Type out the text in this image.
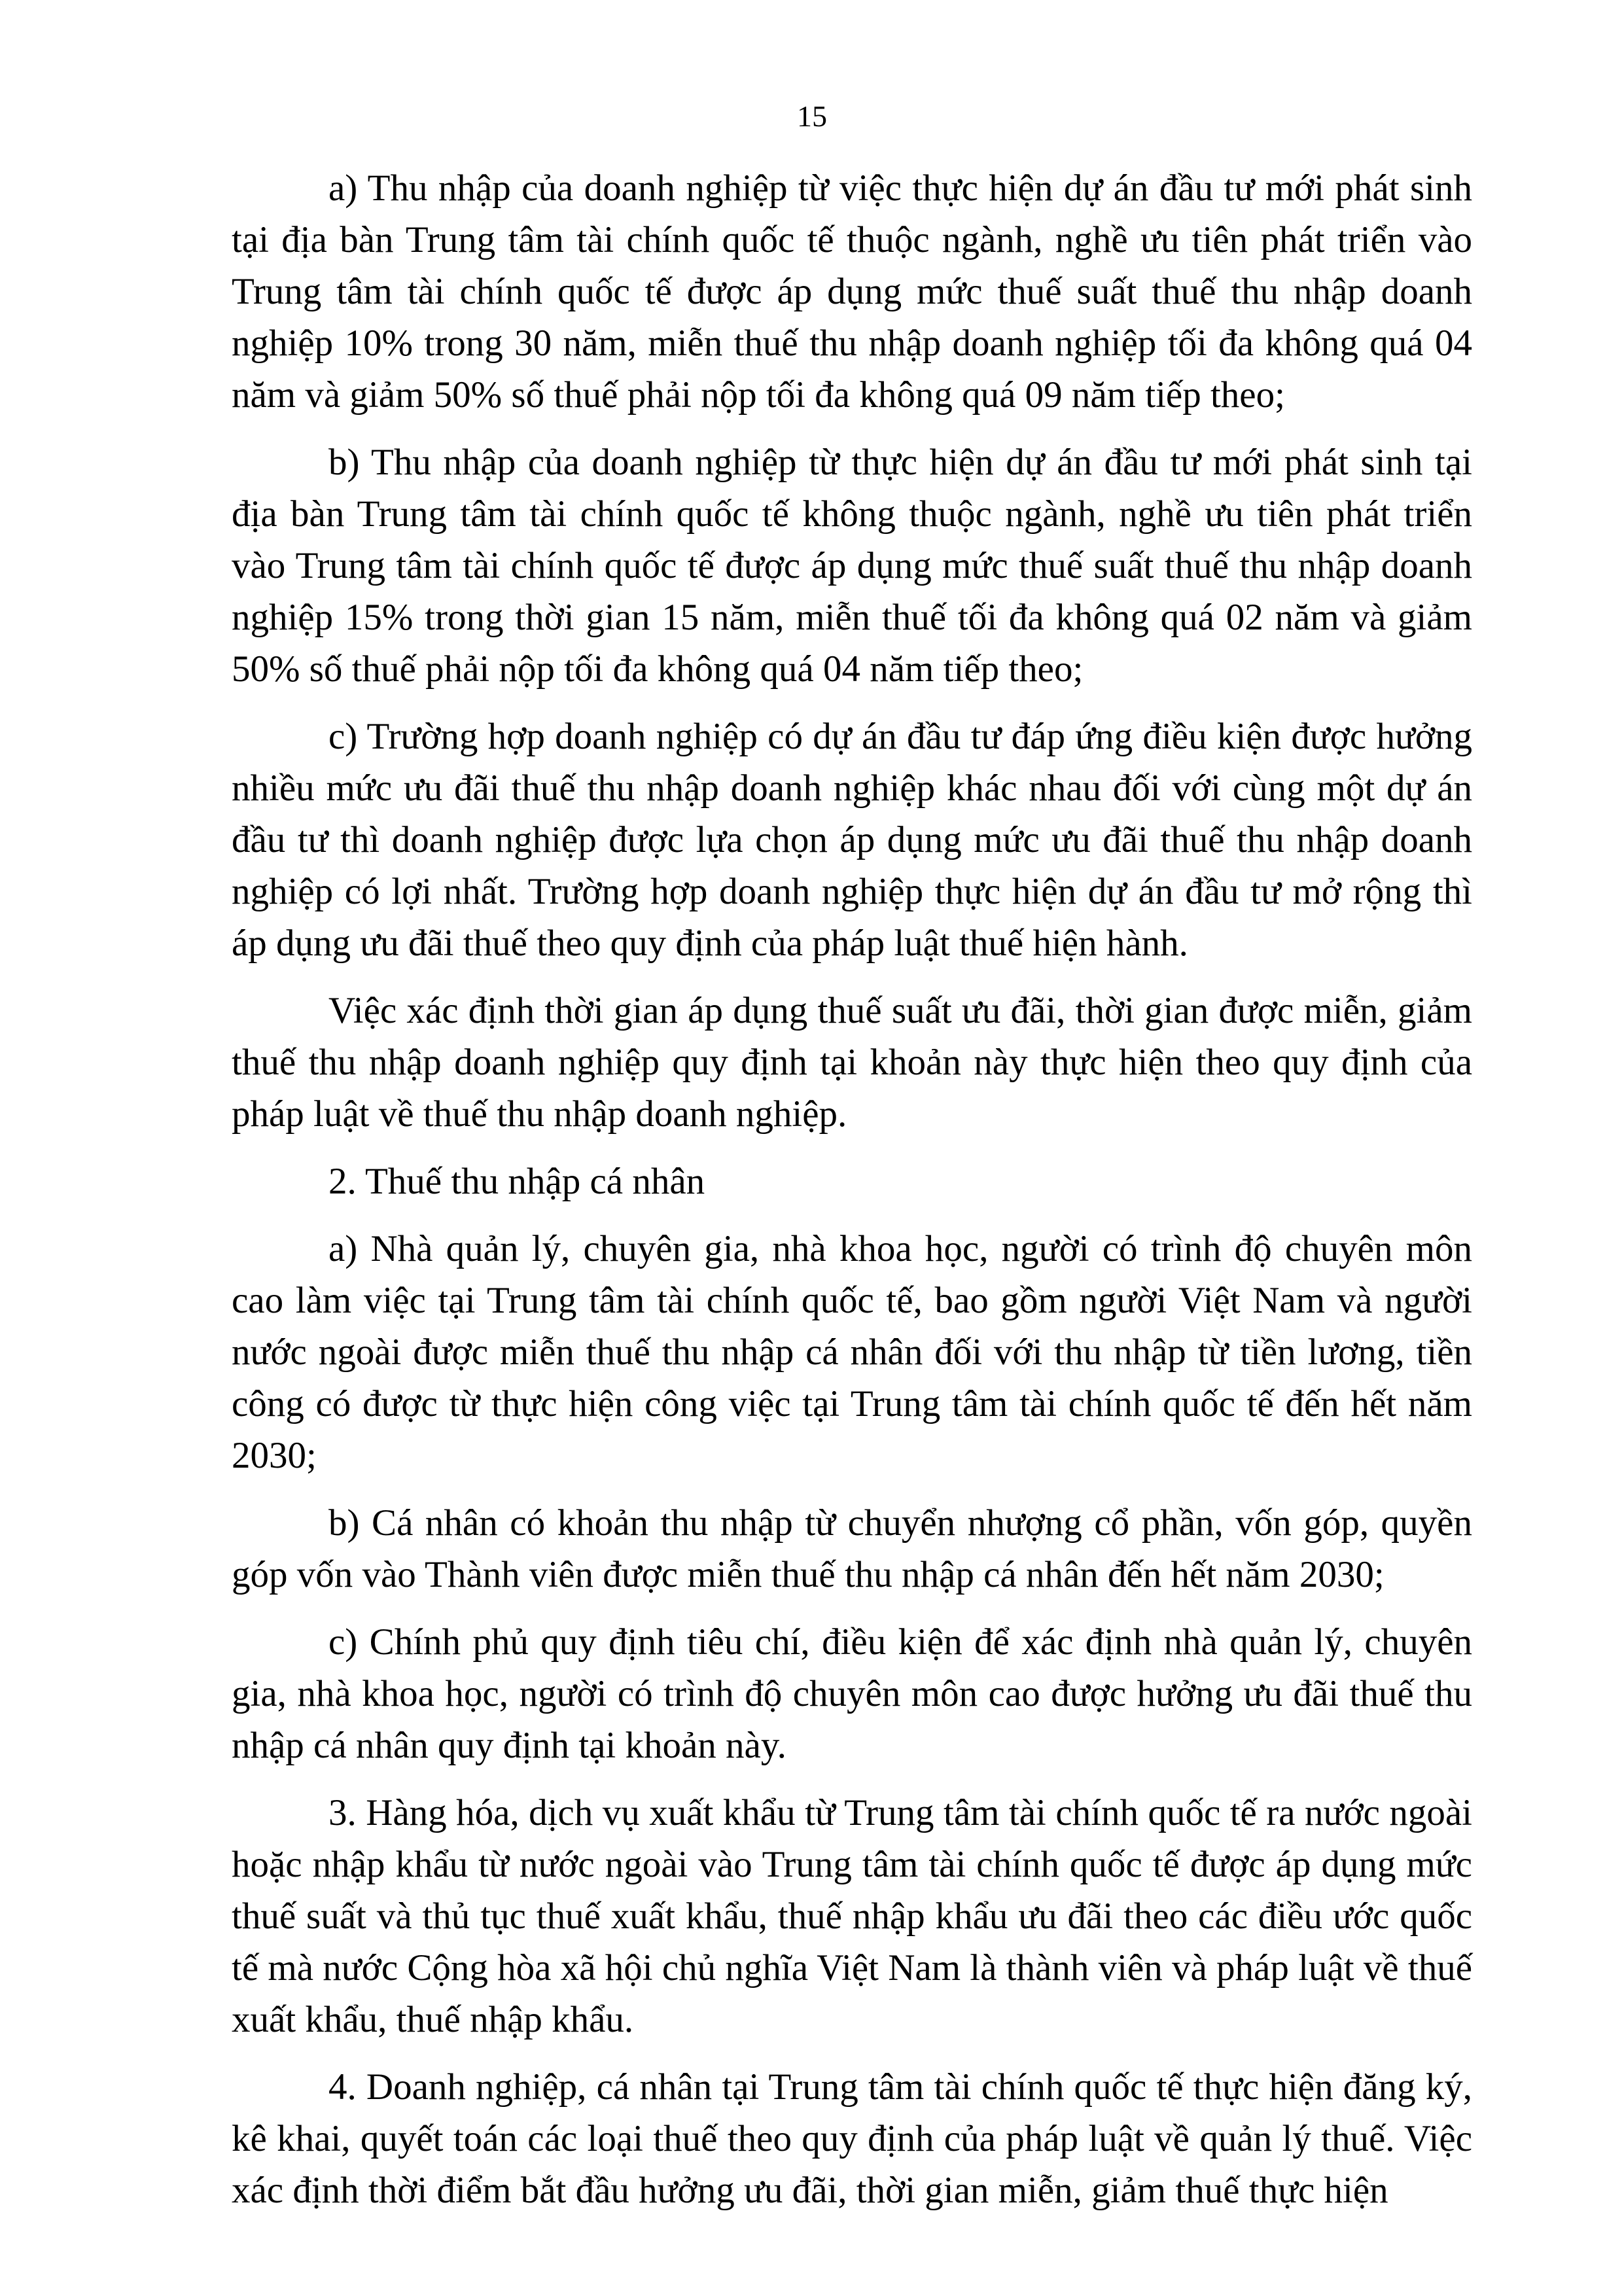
15

a) Thu nhập của doanh nghiệp từ việc thực hiện dự án đầu tư mới phát sinh tại địa bàn Trung tâm tài chính quốc tế thuộc ngành, nghề ưu tiên phát triển vào Trung tâm tài chính quốc tế được áp dụng mức thuế suất thuế thu nhập doanh nghiệp 10% trong 30 năm, miễn thuế thu nhập doanh nghiệp tối đa không quá 04 năm và giảm 50% số thuế phải nộp tối đa không quá 09 năm tiếp theo;

b) Thu nhập của doanh nghiệp từ thực hiện dự án đầu tư mới phát sinh tại địa bàn Trung tâm tài chính quốc tế không thuộc ngành, nghề ưu tiên phát triển vào Trung tâm tài chính quốc tế được áp dụng mức thuế suất thuế thu nhập doanh nghiệp 15% trong thời gian 15 năm, miễn thuế tối đa không quá 02 năm và giảm 50% số thuế phải nộp tối đa không quá 04 năm tiếp theo;

c) Trường hợp doanh nghiệp có dự án đầu tư đáp ứng điều kiện được hưởng nhiều mức ưu đãi thuế thu nhập doanh nghiệp khác nhau đối với cùng một dự án đầu tư thì doanh nghiệp được lựa chọn áp dụng mức ưu đãi thuế thu nhập doanh nghiệp có lợi nhất. Trường hợp doanh nghiệp thực hiện dự án đầu tư mở rộng thì áp dụng ưu đãi thuế theo quy định của pháp luật thuế hiện hành.

Việc xác định thời gian áp dụng thuế suất ưu đãi, thời gian được miễn, giảm thuế thu nhập doanh nghiệp quy định tại khoản này thực hiện theo quy định của pháp luật về thuế thu nhập doanh nghiệp.

2. Thuế thu nhập cá nhân

a) Nhà quản lý, chuyên gia, nhà khoa học, người có trình độ chuyên môn cao làm việc tại Trung tâm tài chính quốc tế, bao gồm người Việt Nam và người nước ngoài được miễn thuế thu nhập cá nhân đối với thu nhập từ tiền lương, tiền công có được từ thực hiện công việc tại Trung tâm tài chính quốc tế đến hết năm 2030;

b) Cá nhân có khoản thu nhập từ chuyển nhượng cổ phần, vốn góp, quyền góp vốn vào Thành viên được miễn thuế thu nhập cá nhân đến hết năm 2030;

c) Chính phủ quy định tiêu chí, điều kiện để xác định nhà quản lý, chuyên gia, nhà khoa học, người có trình độ chuyên môn cao được hưởng ưu đãi thuế thu nhập cá nhân quy định tại khoản này.

3. Hàng hóa, dịch vụ xuất khẩu từ Trung tâm tài chính quốc tế ra nước ngoài hoặc nhập khẩu từ nước ngoài vào Trung tâm tài chính quốc tế được áp dụng mức thuế suất và thủ tục thuế xuất khẩu, thuế nhập khẩu ưu đãi theo các điều ước quốc tế mà nước Cộng hòa xã hội chủ nghĩa Việt Nam là thành viên và pháp luật về thuế xuất khẩu, thuế nhập khẩu.

4. Doanh nghiệp, cá nhân tại Trung tâm tài chính quốc tế thực hiện đăng ký, kê khai, quyết toán các loại thuế theo quy định của pháp luật về quản lý thuế. Việc xác định thời điểm bắt đầu hưởng ưu đãi, thời gian miễn, giảm thuế thực hiện
